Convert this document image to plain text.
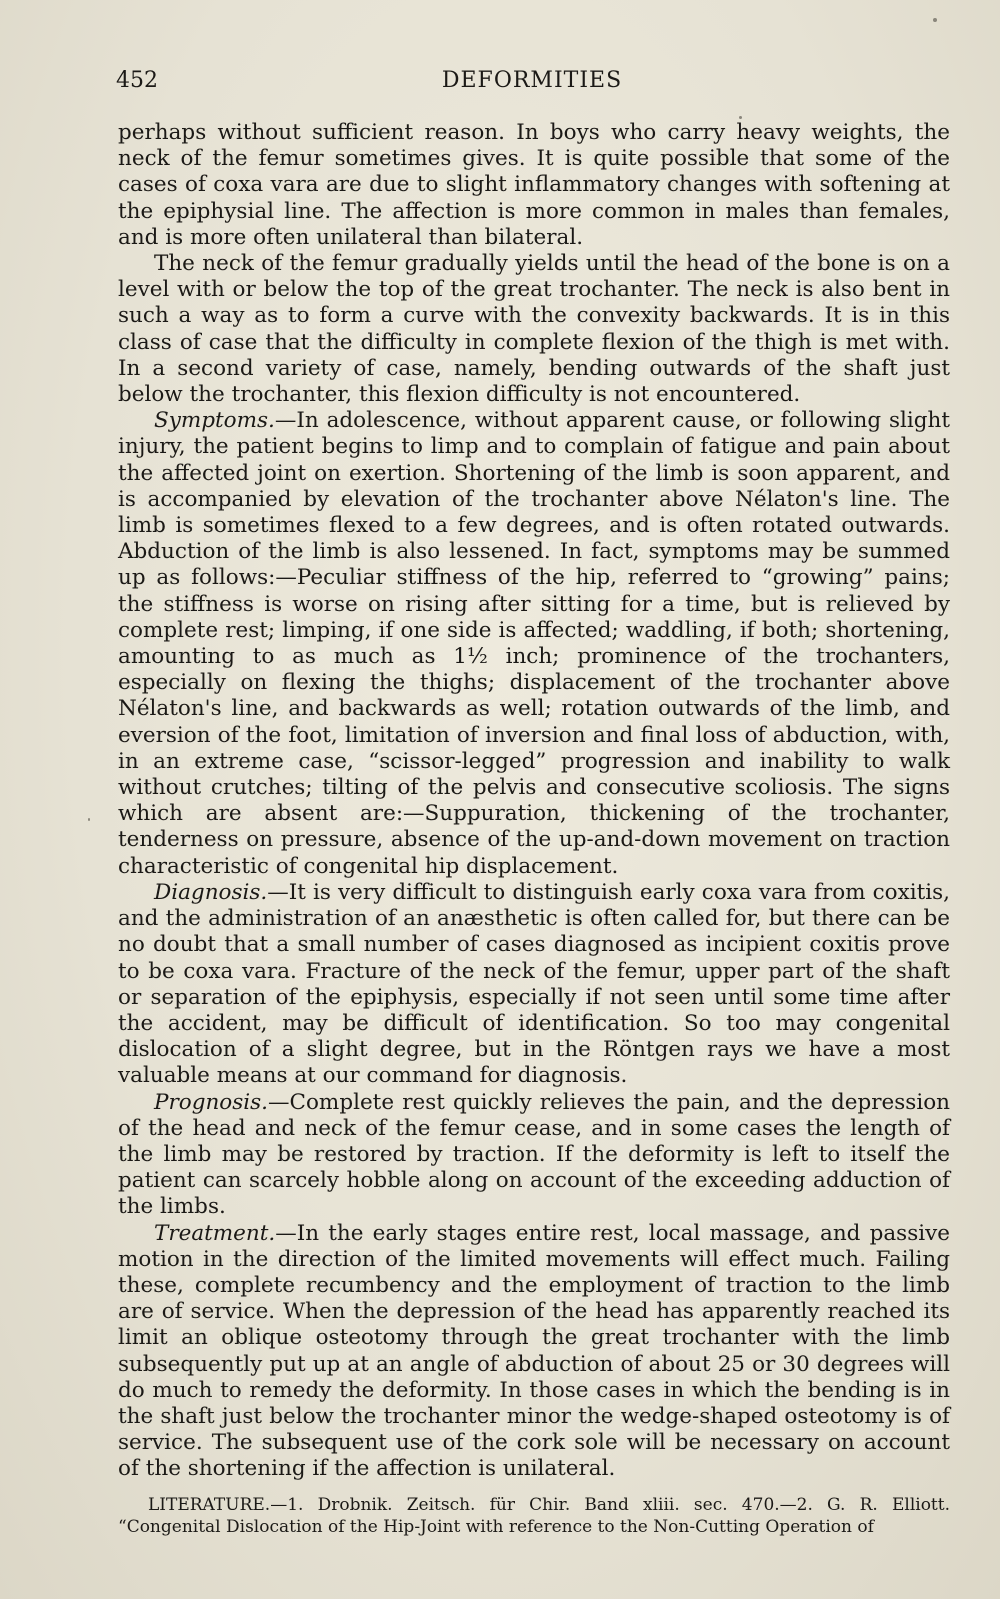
452	DEFORMITIES

perhaps without sufficient reason. In boys who carry heavy weights, the neck of the femur sometimes gives. It is quite possible that some of the cases of coxa vara are due to slight inflammatory changes with softening at the epiphysial line. The affection is more common in males than females, and is more often unilateral than bilateral.

The neck of the femur gradually yields until the head of the bone is on a level with or below the top of the great trochanter. The neck is also bent in such a way as to form a curve with the convexity backwards. It is in this class of case that the difficulty in complete flexion of the thigh is met with. In a second variety of case, namely, bending outwards of the shaft just below the trochanter, this flexion difficulty is not encountered.

Symptoms.—In adolescence, without apparent cause, or following slight injury, the patient begins to limp and to complain of fatigue and pain about the affected joint on exertion. Shortening of the limb is soon apparent, and is accompanied by elevation of the trochanter above Nélaton's line. The limb is sometimes flexed to a few degrees, and is often rotated outwards. Abduction of the limb is also lessened. In fact, symptoms may be summed up as follows:—Peculiar stiffness of the hip, referred to “growing” pains; the stiffness is worse on rising after sitting for a time, but is relieved by complete rest; limping, if one side is affected; waddling, if both; shortening, amounting to as much as 1½ inch; prominence of the trochanters, especially on flexing the thighs; displacement of the trochanter above Nélaton's line, and backwards as well; rotation outwards of the limb, and eversion of the foot, limitation of inversion and final loss of abduction, with, in an extreme case, “scissor-legged” progression and inability to walk without crutches; tilting of the pelvis and consecutive scoliosis. The signs which are absent are:—Suppuration, thickening of the trochanter, tenderness on pressure, absence of the up-and-down movement on traction characteristic of congenital hip displacement.

Diagnosis.—It is very difficult to distinguish early coxa vara from coxitis, and the administration of an anæsthetic is often called for, but there can be no doubt that a small number of cases diagnosed as incipient coxitis prove to be coxa vara. Fracture of the neck of the femur, upper part of the shaft or separation of the epiphysis, especially if not seen until some time after the accident, may be difficult of identification. So too may congenital dislocation of a slight degree, but in the Röntgen rays we have a most valuable means at our command for diagnosis.

Prognosis.—Complete rest quickly relieves the pain, and the depression of the head and neck of the femur cease, and in some cases the length of the limb may be restored by traction. If the deformity is left to itself the patient can scarcely hobble along on account of the exceeding adduction of the limbs.

Treatment.—In the early stages entire rest, local massage, and passive motion in the direction of the limited movements will effect much. Failing these, complete recumbency and the employment of traction to the limb are of service. When the depression of the head has apparently reached its limit an oblique osteotomy through the great trochanter with the limb subsequently put up at an angle of abduction of about 25 or 30 degrees will do much to remedy the deformity. In those cases in which the bending is in the shaft just below the trochanter minor the wedge-shaped osteotomy is of service. The subsequent use of the cork sole will be necessary on account of the shortening if the affection is unilateral.

LITERATURE.—1. Drobnik. Zeitsch. für Chir. Band xliii. sec. 470.—2. G. R. Elliott. “Congenital Dislocation of the Hip-Joint with reference to the Non-Cutting Operation of
